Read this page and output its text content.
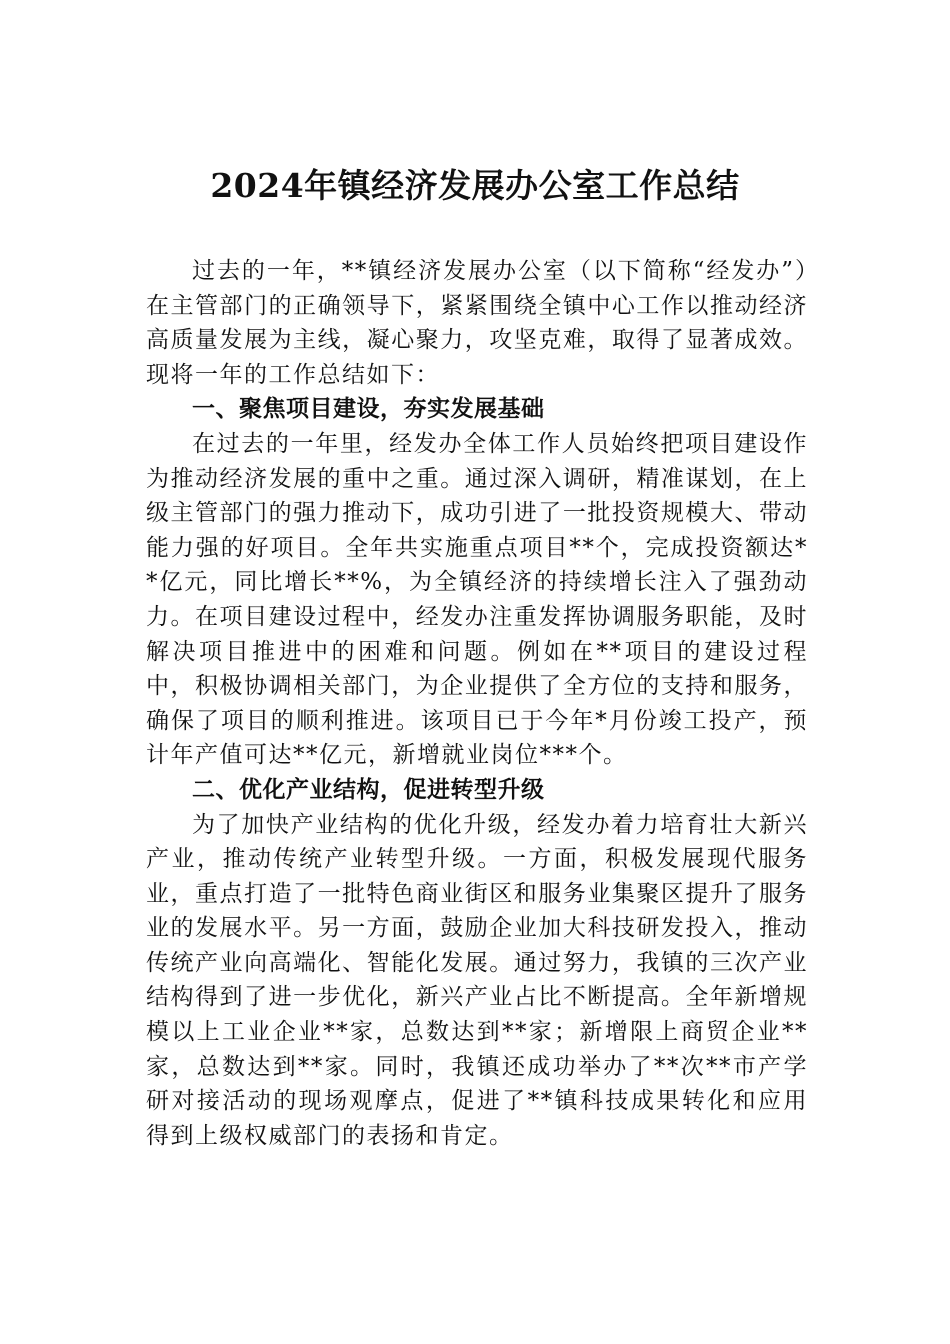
2024年镇经济发展办公室工作总结

过去的一年，**镇经济发展办公室（以下简称“经发办”）在主管部门的正确领导下，紧紧围绕全镇中心工作以推动经济高质量发展为主线，凝心聚力，攻坚克难，取得了显著成效。现将一年的工作总结如下：

一、聚焦项目建设，夯实发展基础

在过去的一年里，经发办全体工作人员始终把项目建设作为推动经济发展的重中之重。通过深入调研，精准谋划，在上级主管部门的强力推动下，成功引进了一批投资规模大、带动能力强的好项目。全年共实施重点项目**个，完成投资额达**亿元，同比增长**%，为全镇经济的持续增长注入了强劲动力。在项目建设过程中，经发办注重发挥协调服务职能，及时解决项目推进中的困难和问题。例如在**项目的建设过程中，积极协调相关部门，为企业提供了全方位的支持和服务，确保了项目的顺利推进。该项目已于今年*月份竣工投产，预计年产值可达**亿元，新增就业岗位***个。

二、优化产业结构，促进转型升级

为了加快产业结构的优化升级，经发办着力培育壮大新兴产业，推动传统产业转型升级。一方面，积极发展现代服务业，重点打造了一批特色商业街区和服务业集聚区提升了服务业的发展水平。另一方面，鼓励企业加大科技研发投入，推动传统产业向高端化、智能化发展。通过努力，我镇的三次产业结构得到了进一步优化，新兴产业占比不断提高。全年新增规模以上工业企业**家，总数达到**家；新增限上商贸企业**家，总数达到**家。同时，我镇还成功举办了**次**市产学研对接活动的现场观摩点，促进了**镇科技成果转化和应用得到上级权威部门的表扬和肯定。
